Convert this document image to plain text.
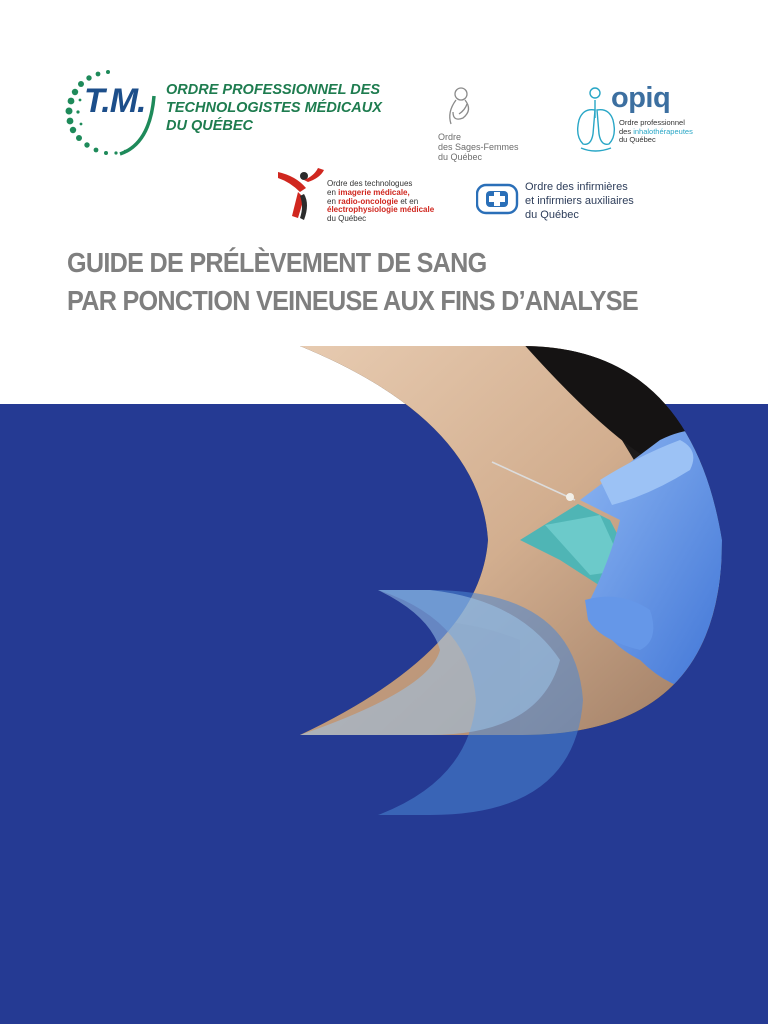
T.M. ORDRE PROFESSIONNEL DES
TECHNOLOGISTES MÉDICAUX
DU QUÉBEC
Ordre
des Sages-Femmes
du Québec
opiq
Ordre professionnel
des inhalothérapeutes
du Québec
Ordre des technologues
en imagerie médicale,
en radio-oncologie et en
électrophysiologie médicale
du Québec
Ordre des infirmières
et infirmiers auxiliaires
du Québec
GUIDE DE PRÉLÈVEMENT DE SANG
PAR PONCTION VEINEUSE AUX FINS D’ANALYSE
